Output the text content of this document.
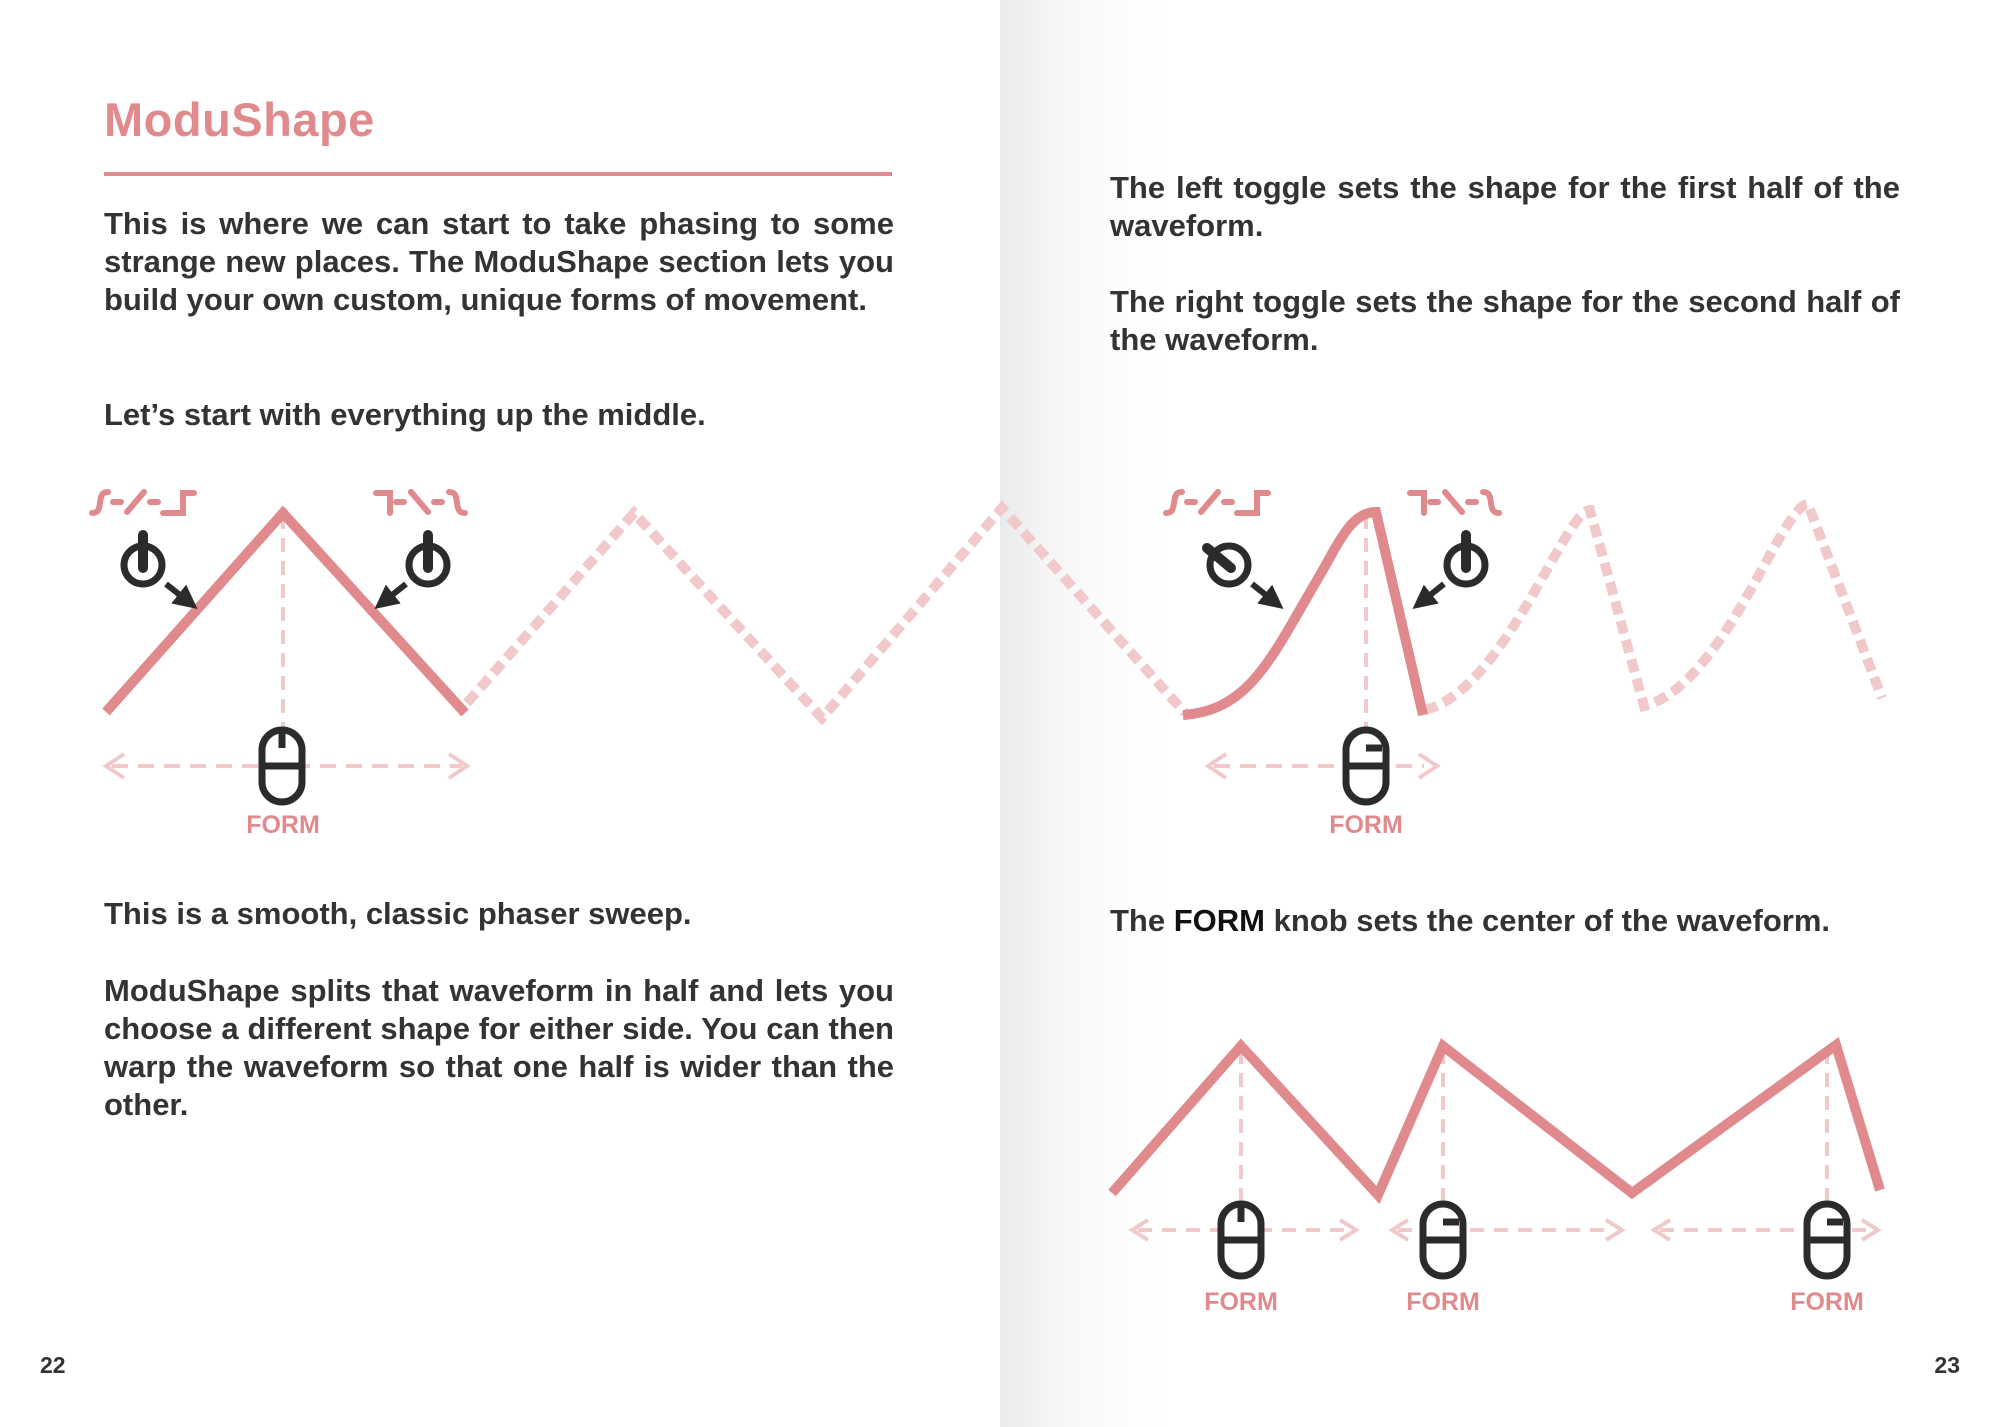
ModuShape

This is where we can start to take phasing to some strange new places. The ModuShape section lets you build your own custom, unique forms of movement.

Let’s start with everything up the middle.

This is a smooth, classic phaser sweep.

ModuShape splits that waveform in half and lets you choose a different shape for either side. You can then warp the waveform so that one half is wider than the other.

22

The left toggle sets the shape for the first half of the waveform.

The right toggle sets the shape for the second half of the waveform.

The FORM knob sets the center of the waveform.

23
FORM	FORM
FORM	FORM	FORM
